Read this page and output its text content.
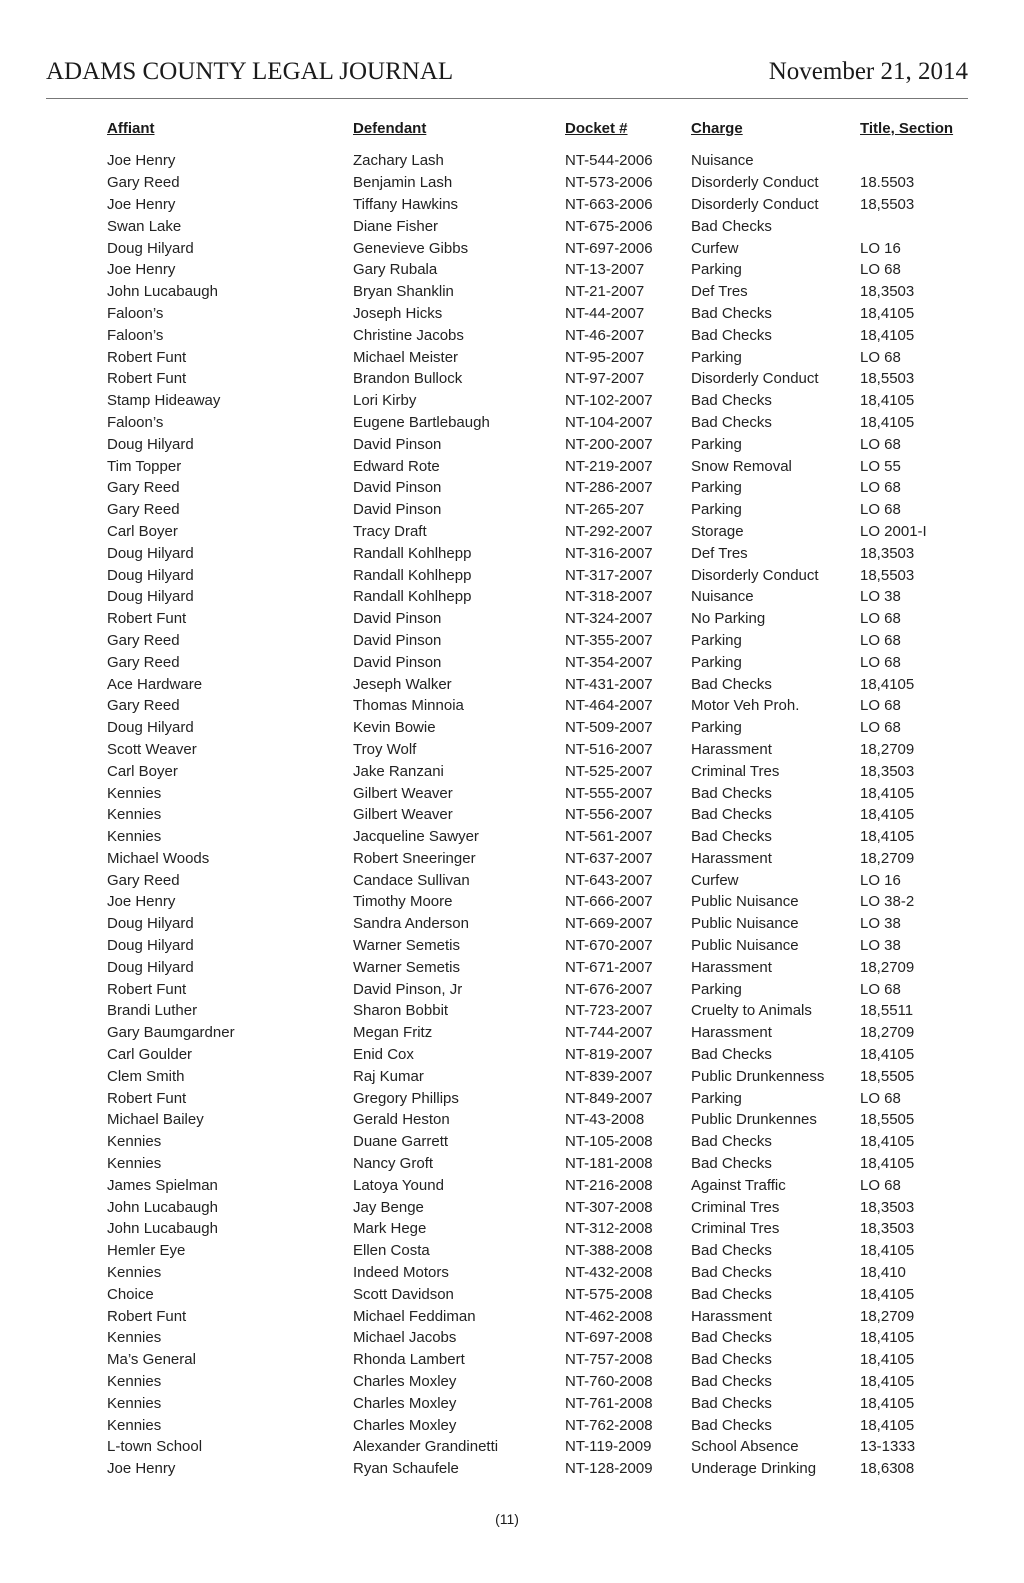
ADAMS COUNTY LEGAL JOURNAL	November 21, 2014
Affiant	Defendant	Docket #	Charge	Title, Section
Joe Henry	Zachary Lash	NT-544-2006	Nuisance	
Gary Reed	Benjamin Lash	NT-573-2006	Disorderly Conduct	18.5503
Joe Henry	Tiffany Hawkins	NT-663-2006	Disorderly Conduct	18,5503
Swan Lake	Diane Fisher	NT-675-2006	Bad Checks	
Doug Hilyard	Genevieve Gibbs	NT-697-2006	Curfew	LO 16
Joe Henry	Gary Rubala	NT-13-2007	Parking	LO 68
John Lucabaugh	Bryan Shanklin	NT-21-2007	Def Tres	18,3503
Faloon’s	Joseph Hicks	NT-44-2007	Bad Checks	18,4105
Faloon’s	Christine Jacobs	NT-46-2007	Bad Checks	18,4105
Robert Funt	Michael Meister	NT-95-2007	Parking	LO 68
Robert Funt	Brandon Bullock	NT-97-2007	Disorderly Conduct	18,5503
Stamp Hideaway	Lori Kirby	NT-102-2007	Bad Checks	18,4105
Faloon’s	Eugene Bartlebaugh	NT-104-2007	Bad Checks	18,4105
Doug Hilyard	David Pinson	NT-200-2007	Parking	LO 68
Tim Topper	Edward Rote	NT-219-2007	Snow Removal	LO 55
Gary Reed	David Pinson	NT-286-2007	Parking	LO 68
Gary Reed	David Pinson	NT-265-207	Parking	LO 68
Carl Boyer	Tracy Draft	NT-292-2007	Storage	LO 2001-I
Doug Hilyard	Randall Kohlhepp	NT-316-2007	Def Tres	18,3503
Doug Hilyard	Randall Kohlhepp	NT-317-2007	Disorderly Conduct	18,5503
Doug Hilyard	Randall Kohlhepp	NT-318-2007	Nuisance	LO 38
Robert Funt	David Pinson	NT-324-2007	No Parking	LO 68
Gary Reed	David Pinson	NT-355-2007	Parking	LO 68
Gary Reed	David Pinson	NT-354-2007	Parking	LO 68
Ace Hardware	Jeseph Walker	NT-431-2007	Bad Checks	18,4105
Gary Reed	Thomas Minnoia	NT-464-2007	Motor Veh Proh.	LO 68
Doug Hilyard	Kevin Bowie	NT-509-2007	Parking	LO 68
Scott Weaver	Troy Wolf	NT-516-2007	Harassment	18,2709
Carl Boyer	Jake Ranzani	NT-525-2007	Criminal Tres	18,3503
Kennies	Gilbert Weaver	NT-555-2007	Bad Checks	18,4105
Kennies	Gilbert Weaver	NT-556-2007	Bad Checks	18,4105
Kennies	Jacqueline Sawyer	NT-561-2007	Bad Checks	18,4105
Michael Woods	Robert Sneeringer	NT-637-2007	Harassment	18,2709
Gary Reed	Candace Sullivan	NT-643-2007	Curfew	LO 16
Joe Henry	Timothy Moore	NT-666-2007	Public Nuisance	LO 38-2
Doug Hilyard	Sandra Anderson	NT-669-2007	Public Nuisance	LO 38
Doug Hilyard	Warner Semetis	NT-670-2007	Public Nuisance	LO 38
Doug Hilyard	Warner Semetis	NT-671-2007	Harassment	18,2709
Robert Funt	David Pinson, Jr	NT-676-2007	Parking	LO 68
Brandi Luther	Sharon Bobbit	NT-723-2007	Cruelty to Animals	18,5511
Gary Baumgardner	Megan Fritz	NT-744-2007	Harassment	18,2709
Carl Goulder	Enid Cox	NT-819-2007	Bad Checks	18,4105
Clem Smith	Raj Kumar	NT-839-2007	Public Drunkenness	18,5505
Robert Funt	Gregory Phillips	NT-849-2007	Parking	LO 68
Michael Bailey	Gerald Heston	NT-43-2008	Public Drunkennes	18,5505
Kennies	Duane Garrett	NT-105-2008	Bad Checks	18,4105
Kennies	Nancy Groft	NT-181-2008	Bad Checks	18,4105
James Spielman	Latoya Yound	NT-216-2008	Against Traffic	LO 68
John Lucabaugh	Jay Benge	NT-307-2008	Criminal Tres	18,3503
John Lucabaugh	Mark Hege	NT-312-2008	Criminal Tres	18,3503
Hemler Eye	Ellen Costa	NT-388-2008	Bad Checks	18,4105
Kennies	Indeed Motors	NT-432-2008	Bad Checks	18,410
Choice	Scott Davidson	NT-575-2008	Bad Checks	18,4105
Robert Funt	Michael Feddiman	NT-462-2008	Harassment	18,2709
Kennies	Michael Jacobs	NT-697-2008	Bad Checks	18,4105
Ma’s General	Rhonda Lambert	NT-757-2008	Bad Checks	18,4105
Kennies	Charles Moxley	NT-760-2008	Bad Checks	18,4105
Kennies	Charles Moxley	NT-761-2008	Bad Checks	18,4105
Kennies	Charles Moxley	NT-762-2008	Bad Checks	18,4105
L-town School	Alexander Grandinetti	NT-119-2009	School Absence	13-1333
Joe Henry	Ryan Schaufele	NT-128-2009	Underage Drinking	18,6308
(11)
